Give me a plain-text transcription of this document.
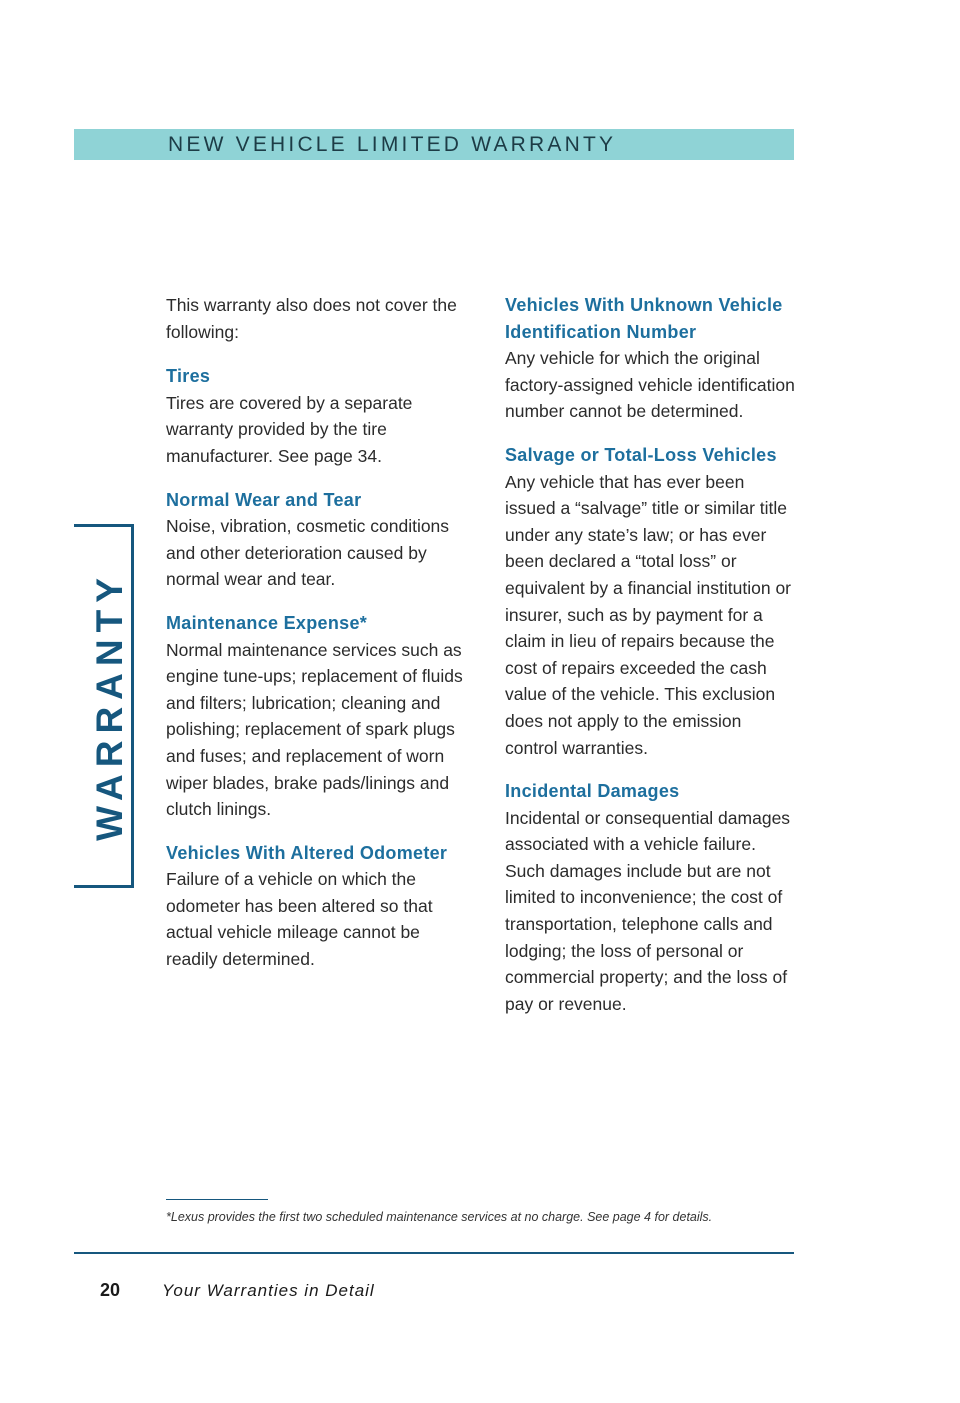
NEW VEHICLE LIMITED WARRANTY
WARRANTY

This warranty also does not cover the following:

Tires

Tires are covered by a separate warranty provided by the tire manufacturer. See page 34.

Normal Wear and Tear

Noise, vibration, cosmetic conditions and other deterioration caused by normal wear and tear.

Maintenance Expense*

Normal maintenance services such as engine tune-ups; replacement of fluids and filters; lubrication; cleaning and polishing; replacement of spark plugs and fuses; and replacement of worn wiper blades, brake pads/linings and clutch linings.

Vehicles With Altered Odometer

Failure of a vehicle on which the odometer has been altered so that actual vehicle mileage cannot be readily determined.

Vehicles With Unknown Vehicle Identification Number

Any vehicle for which the original factory-assigned vehicle identification number cannot be determined.

Salvage or Total-Loss Vehicles

Any vehicle that has ever been issued a “salvage” title or similar title under any state’s law; or has ever been declared a “total loss” or equivalent by a financial institution or insurer, such as by payment for a claim in lieu of repairs because the cost of repairs exceeded the cash value of the vehicle. This exclusion does not apply to the emission control warranties.

Incidental Damages

Incidental or consequential damages associated with a vehicle failure. Such damages include but are not limited to inconvenience; the cost of transportation, telephone calls and lodging; the loss of personal or commercial property; and the loss of pay or revenue.

*Lexus provides the first two scheduled maintenance services at no charge. See page 4 for details.
20 Your Warranties in Detail
